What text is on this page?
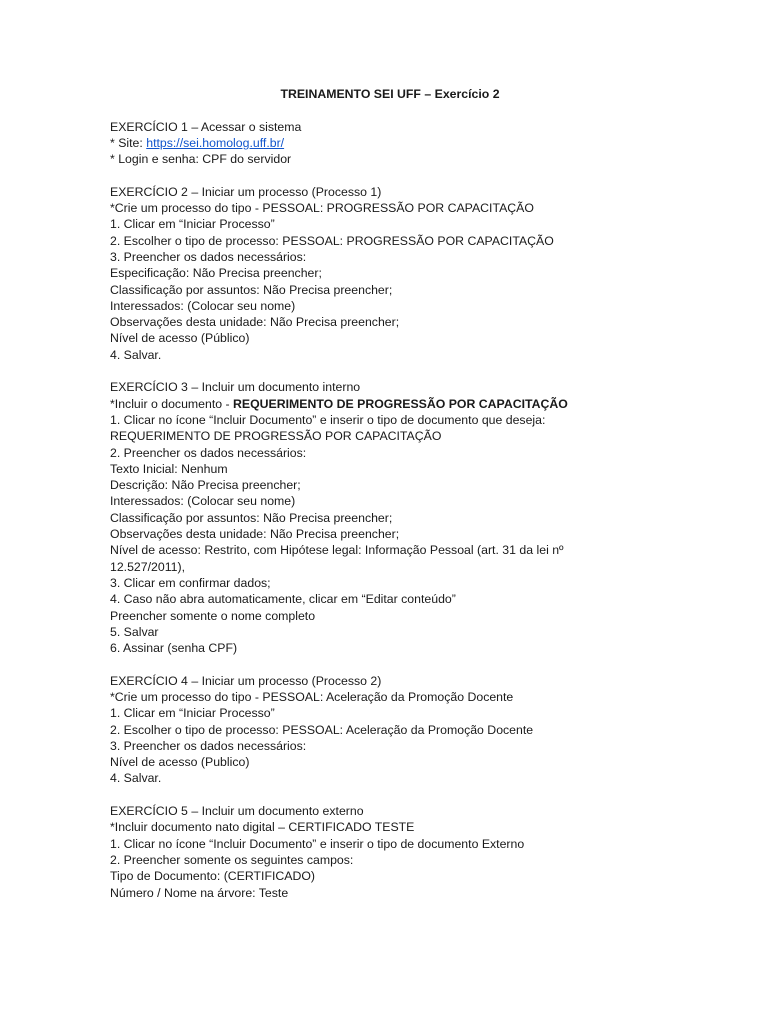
TREINAMENTO SEI UFF – Exercício 2

EXERCÍCIO 1 – Acessar o sistema

* Site: https://sei.homolog.uff.br/

* Login e senha: CPF do servidor

EXERCÍCIO 2 – Iniciar um processo (Processo 1)

*Crie um processo do tipo - PESSOAL: PROGRESSÃO POR CAPACITAÇÃO

1. Clicar em “Iniciar Processo”

2. Escolher o tipo de processo: PESSOAL: PROGRESSÃO POR CAPACITAÇÃO

3. Preencher os dados necessários:

Especificação: Não Precisa preencher;

Classificação por assuntos: Não Precisa preencher;

Interessados: (Colocar seu nome)

Observações desta unidade: Não Precisa preencher;

Nível de acesso (Público)

4. Salvar.

EXERCÍCIO 3 – Incluir um documento interno

*Incluir o documento - REQUERIMENTO DE PROGRESSÃO POR CAPACITAÇÃO

1. Clicar no ícone “Incluir Documento” e inserir o tipo de documento que deseja:

REQUERIMENTO DE PROGRESSÃO POR CAPACITAÇÃO

2. Preencher os dados necessários:

Texto Inicial: Nenhum

Descrição: Não Precisa preencher;

Interessados: (Colocar seu nome)

Classificação por assuntos: Não Precisa preencher;

Observações desta unidade: Não Precisa preencher;

Nível de acesso: Restrito, com Hipótese legal: Informação Pessoal (art. 31 da lei nº

12.527/2011),

3. Clicar em confirmar dados;

4. Caso não abra automaticamente, clicar em “Editar conteúdo”

Preencher somente o nome completo

5. Salvar

6. Assinar (senha CPF)

EXERCÍCIO 4 – Iniciar um processo (Processo 2)

*Crie um processo do tipo - PESSOAL: Aceleração da Promoção Docente

1. Clicar em “Iniciar Processo”

2. Escolher o tipo de processo: PESSOAL: Aceleração da Promoção Docente

3. Preencher os dados necessários:

Nível de acesso (Publico)

4. Salvar.

EXERCÍCIO 5 – Incluir um documento externo

*Incluir documento nato digital – CERTIFICADO TESTE

1. Clicar no ícone “Incluir Documento” e inserir o tipo de documento Externo

2. Preencher somente os seguintes campos:

Tipo de Documento: (CERTIFICADO)

Número / Nome na árvore: Teste
